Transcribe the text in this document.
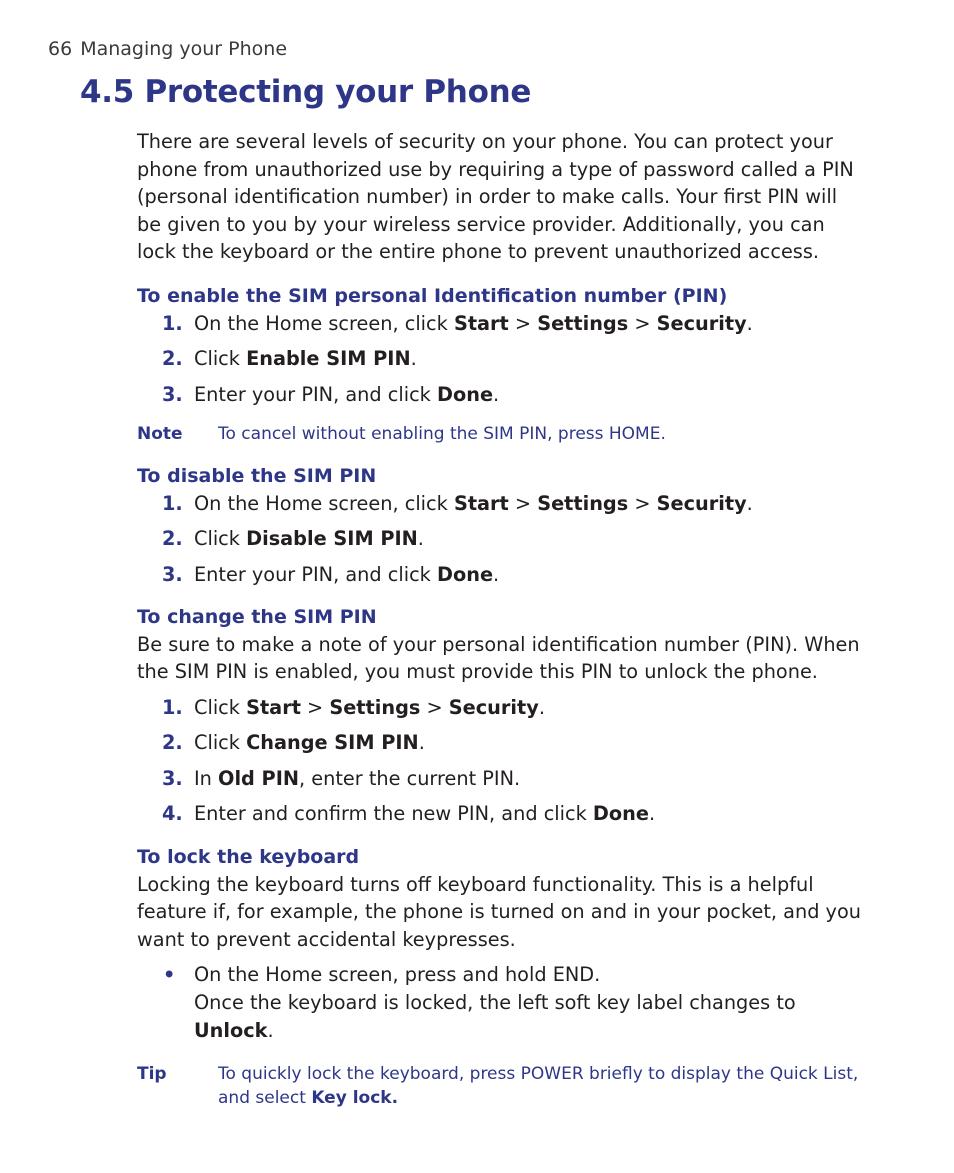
66 Managing your Phone
4.5 Protecting your Phone

There are several levels of security on your phone. You can protect your phone from unauthorized use by requiring a type of password called a PIN (personal identification number) in order to make calls. Your first PIN will be given to you by your wireless service provider. Additionally, you can lock the keyboard or the entire phone to prevent unauthorized access.

To enable the SIM personal Identification number (PIN)
1. On the Home screen, click Start > Settings > Security.
2. Click Enable SIM PIN.
3. Enter your PIN, and click Done.
Note To cancel without enabling the SIM PIN, press HOME.
To disable the SIM PIN
1. On the Home screen, click Start > Settings > Security.
2. Click Disable SIM PIN.
3. Enter your PIN, and click Done.
To change the SIM PIN

Be sure to make a note of your personal identification number (PIN). When the SIM PIN is enabled, you must provide this PIN to unlock the phone.

1. Click Start > Settings > Security.
2. Click Change SIM PIN.
3. In Old PIN, enter the current PIN.
4. Enter and confirm the new PIN, and click Done.
To lock the keyboard

Locking the keyboard turns off keyboard functionality. This is a helpful feature if, for example, the phone is turned on and in your pocket, and you want to prevent accidental keypresses.

• On the Home screen, press and hold END.
Once the keyboard is locked, the left soft key label changes to Unlock.
Tip	To quickly lock the keyboard, press POWER briefly to display the Quick List, and select Key lock.
